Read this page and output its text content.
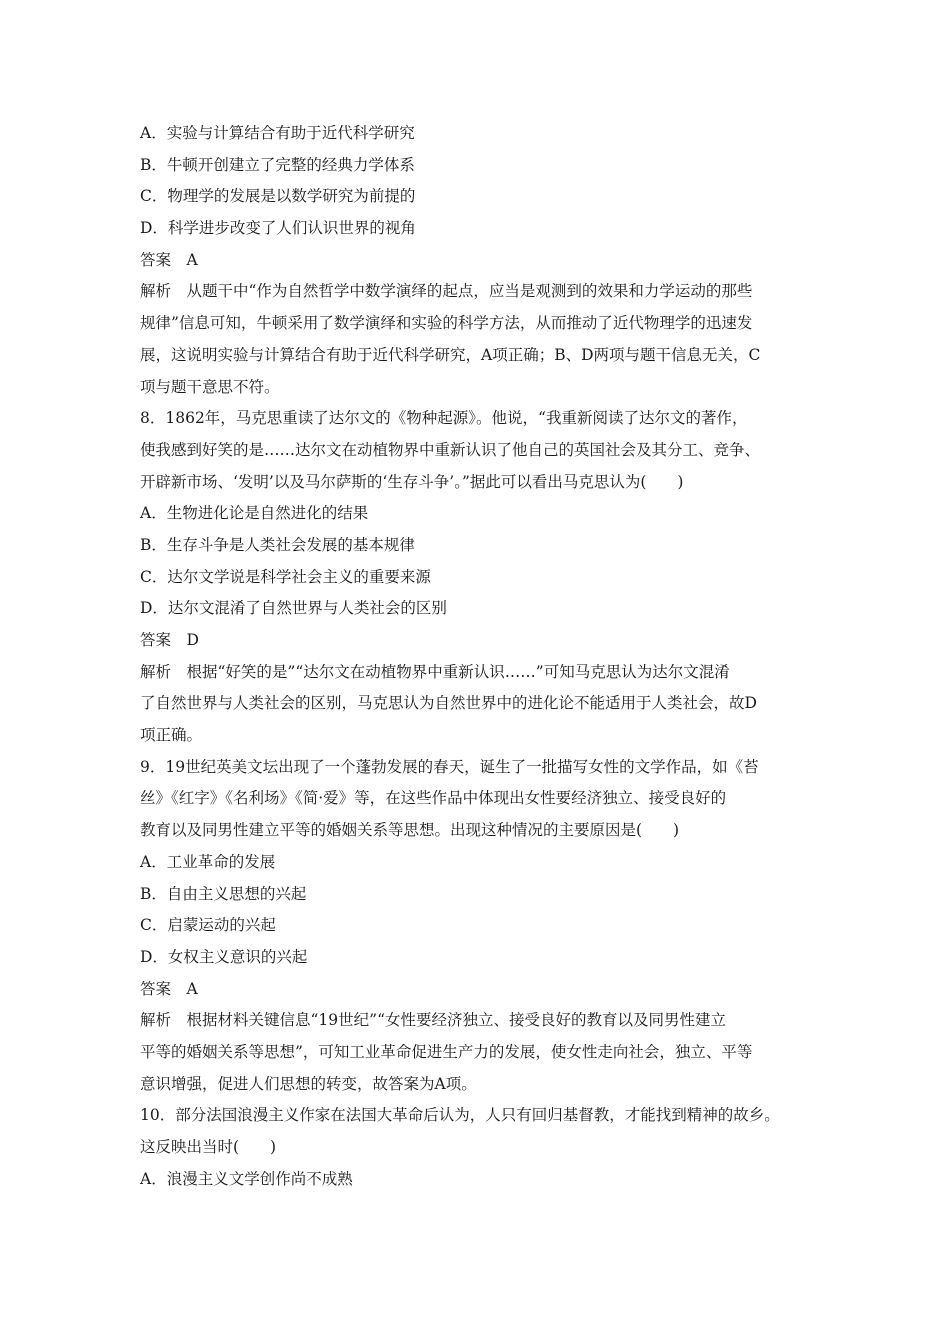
A．实验与计算结合有助于近代科学研究
B．牛顿开创建立了完整的经典力学体系
C．物理学的发展是以数学研究为前提的
D．科学进步改变了人们认识世界的视角
答案　A
解析　从题干中“作为自然哲学中数学演绎的起点，应当是观测到的效果和力学运动的那些
规律”信息可知，牛顿采用了数学演绎和实验的科学方法，从而推动了近代物理学的迅速发
展，这说明实验与计算结合有助于近代科学研究，A项正确；B、D两项与题干信息无关，C
项与题干意思不符。
8．1862年，马克思重读了达尔文的《物种起源》。他说，“我重新阅读了达尔文的著作，
使我感到好笑的是……达尔文在动植物界中重新认识了他自己的英国社会及其分工、竞争、
开辟新市场、‘发明’以及马尔萨斯的‘生存斗争’。”据此可以看出马克思认为(　　)
A．生物进化论是自然进化的结果
B．生存斗争是人类社会发展的基本规律
C．达尔文学说是科学社会主义的重要来源
D．达尔文混淆了自然世界与人类社会的区别
答案　D
解析　根据“好笑的是”“达尔文在动植物界中重新认识……”可知马克思认为达尔文混淆
了自然世界与人类社会的区别，马克思认为自然世界中的进化论不能适用于人类社会，故D
项正确。
9．19世纪英美文坛出现了一个蓬勃发展的春天，诞生了一批描写女性的文学作品，如《苔
丝》《红字》《名利场》《简·爱》等，在这些作品中体现出女性要经济独立、接受良好的
教育以及同男性建立平等的婚姻关系等思想。出现这种情况的主要原因是(　　)
A．工业革命的发展
B．自由主义思想的兴起
C．启蒙运动的兴起
D．女权主义意识的兴起
答案　A
解析　根据材料关键信息“19世纪”“女性要经济独立、接受良好的教育以及同男性建立
平等的婚姻关系等思想”，可知工业革命促进生产力的发展，使女性走向社会，独立、平等
意识增强，促进人们思想的转变，故答案为A项。
10．部分法国浪漫主义作家在法国大革命后认为，人只有回归基督教，才能找到精神的故乡。
这反映出当时(　　)
A．浪漫主义文学创作尚不成熟
